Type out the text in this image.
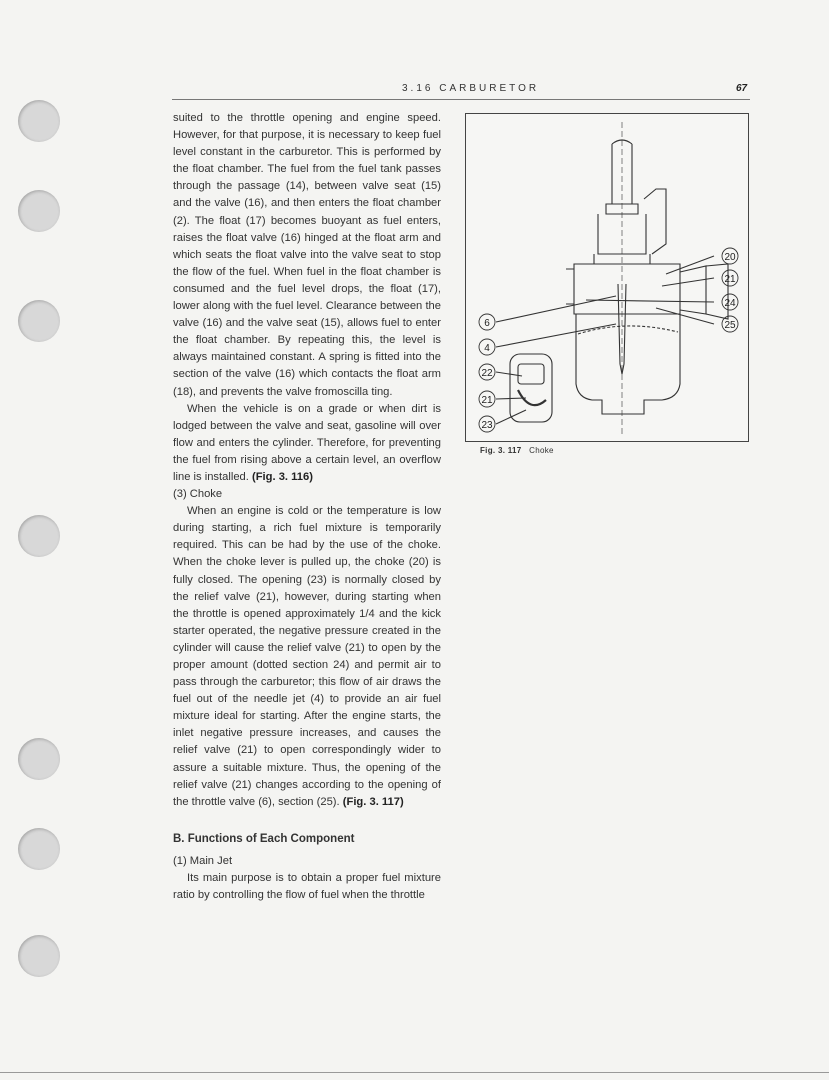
3.16 CARBURETOR	67

suited to the throttle opening and engine speed. However, for that purpose, it is necessary to keep fuel level constant in the carburetor. This is performed by the float chamber. The fuel from the fuel tank passes through the passage (14), between valve seat (15) and the valve (16), and then enters the float chamber (2). The float (17) becomes buoyant as fuel enters, raises the float valve (16) hinged at the float arm and which seats the float valve into the valve seat to stop the flow of the fuel. When fuel in the float chamber is consumed and the fuel level drops, the float (17), lower along with the fuel level. Clearance between the valve (16) and the valve seat (15), allows fuel to enter the float chamber. By repeating this, the level is always maintained constant. A spring is fitted into the section of the valve (16) which contacts the float arm (18), and prevents the valve fromoscilla ting.

When the vehicle is on a grade or when dirt is lodged between the valve and seat, gasoline will over flow and enters the cylinder. Therefore, for preventing the fuel from rising above a certain level, an overflow line is installed. (Fig. 3. 116)

(3) Choke

When an engine is cold or the temperature is low during starting, a rich fuel mixture is temporarily required. This can be had by the use of the choke. When the choke lever is pulled up, the choke (20) is fully closed. The opening (23) is normally closed by the relief valve (21), however, during starting when the throttle is opened approximately 1/4 and the kick starter operated, the negative pressure created in the cylinder will cause the relief valve (21) to open by the proper amount (dotted section 24) and permit air to pass through the carburetor; this flow of air draws the fuel out of the needle jet (4) to provide an air fuel mixture ideal for starting. After the engine starts, the inlet negative pressure increases, and causes the relief valve (21) to open correspondingly wider to assure a suitable mixture. Thus, the opening of the relief valve (21) changes according to the opening of the throttle valve (6), section (25). (Fig. 3. 117)

B. Functions of Each Component

(1) Main Jet

Its main purpose is to obtain a proper fuel mixture ratio by controlling the flow of fuel when the throttle

20
21
24
25
6
4
22
21
23
Fig. 3. 117 Choke
